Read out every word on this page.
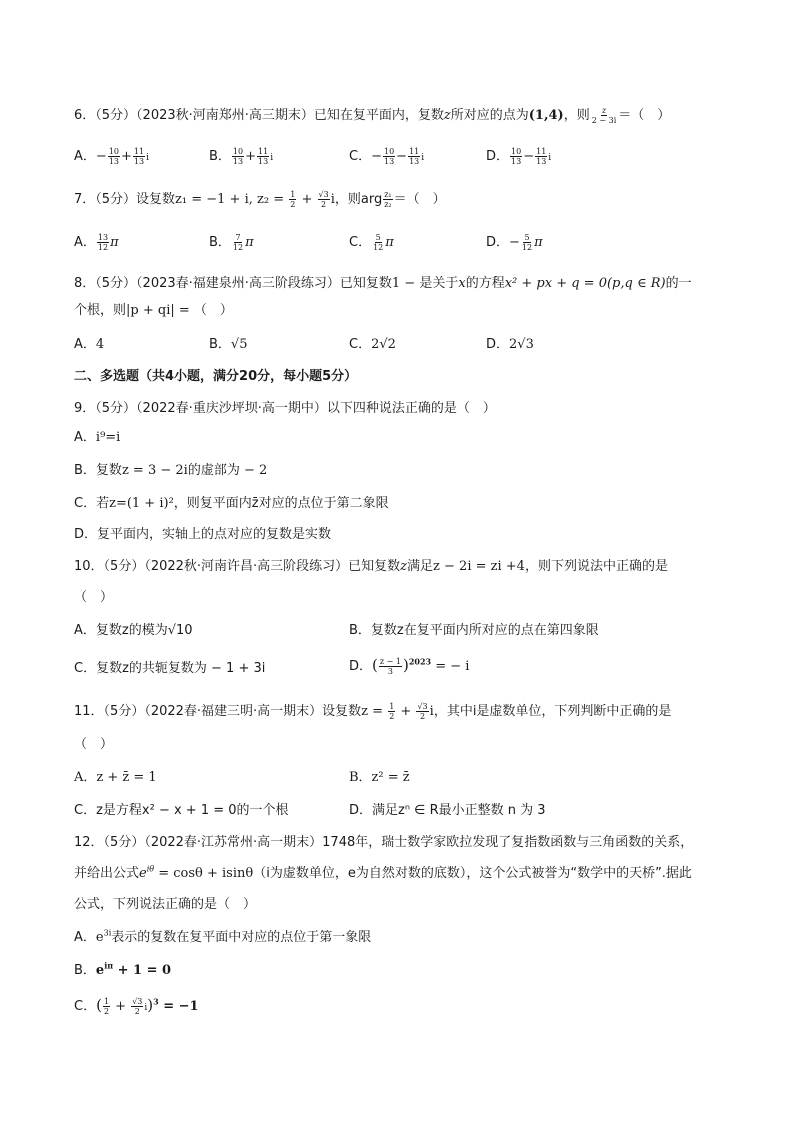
6．（5分）（2023秋·河南郑州·高三期末）已知在复平面内，复数z所对应的点为(1,4)，则 $\frac{z}{2 - 3i}$ ＝（　）
A．− $\frac{10}{13} + \frac{11}{13}$ i	B． $\frac{10}{13} + \frac{11}{13}$ i	C．− $\frac{10}{13} - \frac{11}{13}$ i	D． $\frac{10}{13} - \frac{11}{13}$ i
7．（5分）设复数z₁ = −1 + i, $z_2 = \frac{1}{2} + \frac{√3}{2}$ i，则arg $\frac{\text{z₁}}{\text{z₂}}$ ＝（　）
A． $\frac{13}{12}$ π	B． $\frac{7}{12}$ π	C． $\frac{5}{12}$ π	D．− $\frac{5}{12}$ π
8．（5分）（2023春·福建泉州·高三阶段练习）已知复数1 − 是关于x的方程x² + px + q = 0(p,q ∈ R)的一
个根，则|p + qi| = （　）
A．4	B．√5	C．2√2	D．2√3
二、多选题（共4小题，满分20分，每小题5分）
9．（5分）（2022春·重庆沙坪坝·高一期中）以下四种说法正确的是（　）
A．i⁹=i
B．复数z = 3 − 2i的虚部为 − 2
C．若z=(1 + i)²，则复平面内z̄对应的点位于第二象限
D．复平面内，实轴上的点对应的复数是实数
10．（5分）（2022秋·河南许昌·高三阶段练习）已知复数z满足z − 2i = zi +4，则下列说法中正确的是
（　）
A．复数z的模为√10	B．复数z在复平面内所对应的点在第四象限
C．复数z的共轭复数为 − 1 + 3i	D．( $\frac{z - 1}{3} )^{2023}$ = − i
11．（5分）（2022春·福建三明·高一期末）设复数$z = \frac{1}{2} + \frac{√3}{2}$ i，其中i是虚数单位，下列判断中正确的是
（　）
A．z + z̄ = 1	B．z² = z̄
C．z是方程x² − x + 1 = 0的一个根	D．满足zⁿ ∈ R最小正整数 n 为 3
12．（5分）（2022春·江苏常州·高一期末）1748年，瑞士数学家欧拉发现了复指数函数与三角函数的关系，
并给出公式$e^{i\theta} = \cos\theta + isin\theta(i$为虚数单位，e为自然对数的底数），这个公式被誉为“数学中的天桥”.据此
公式，下列说法正确的是（　）
A．$e^{3i}$表示的复数在复平面中对应的点位于第一象限
B．$e^{i\pi} + 1 = 0$
C．( $\frac{1}{2} + \frac{√3}{2} i)^3 = -1$
